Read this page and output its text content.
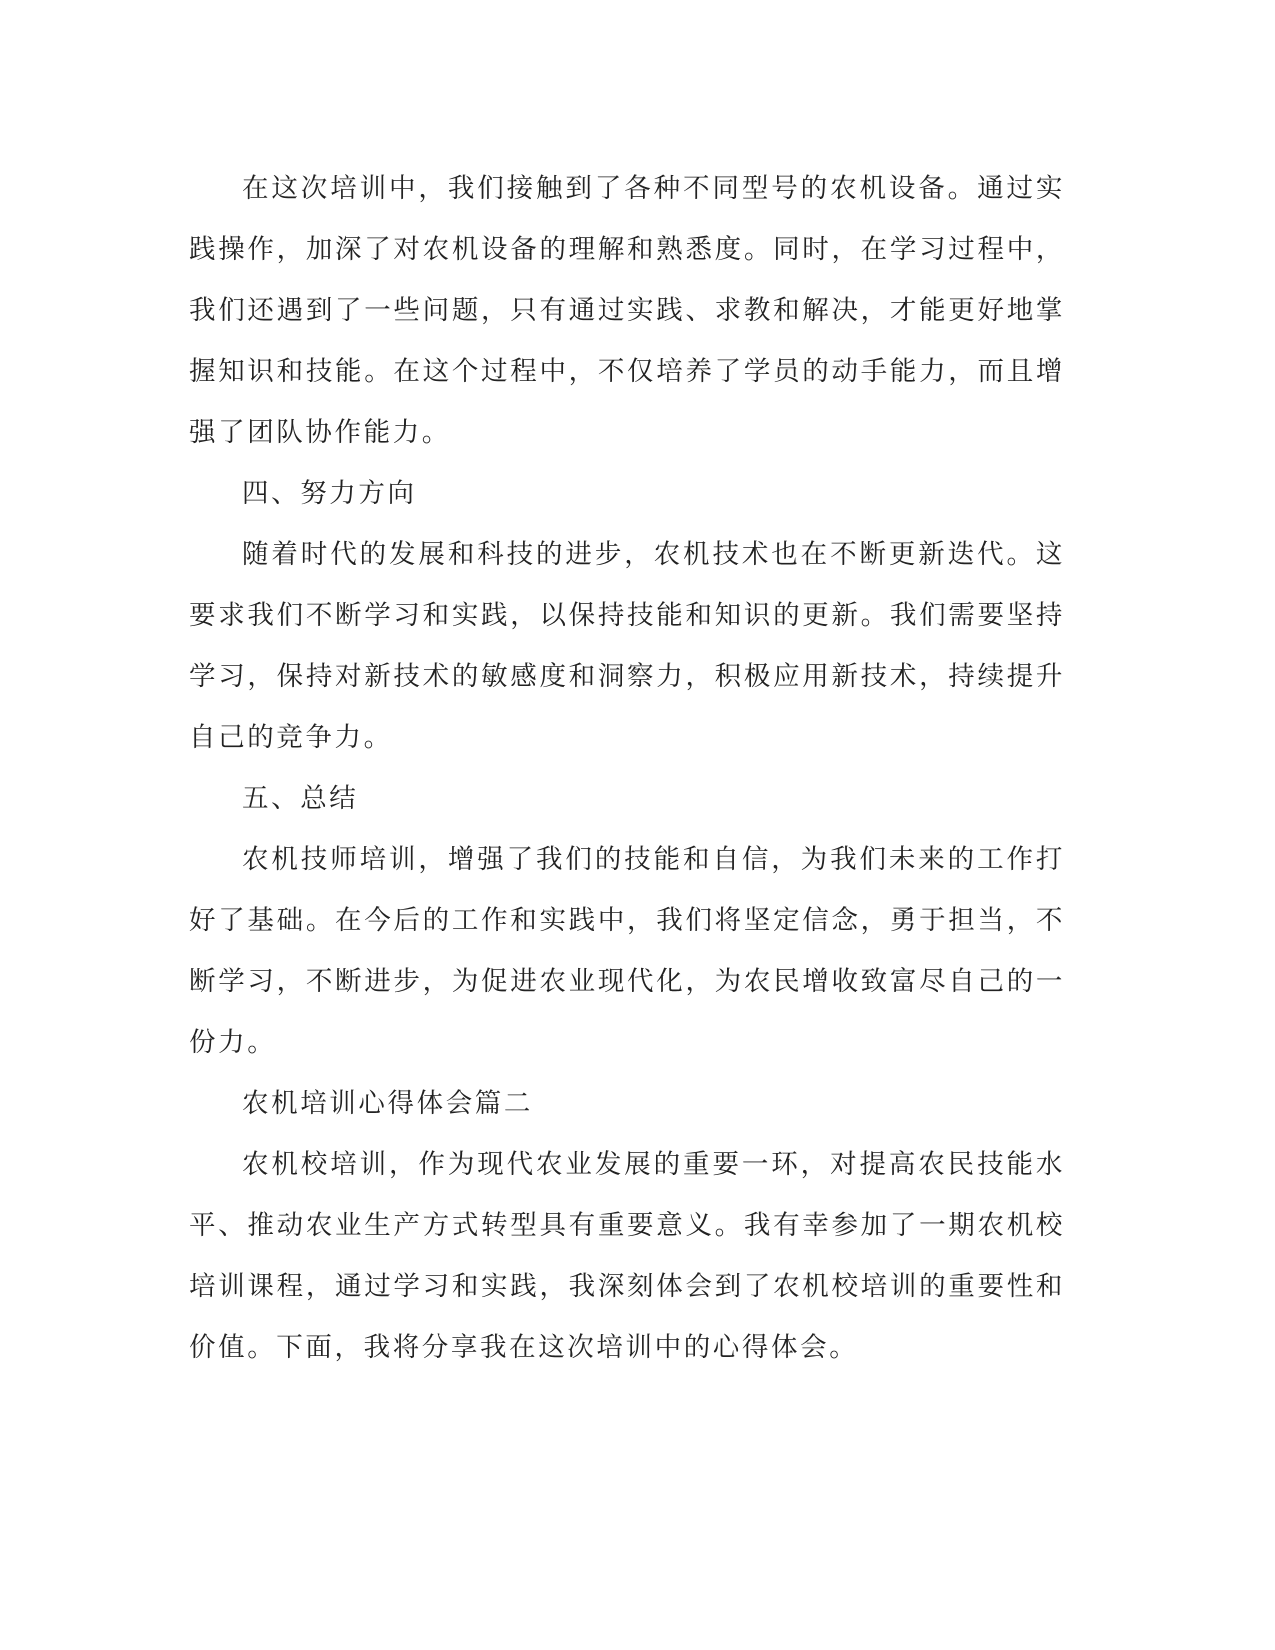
在这次培训中，我们接触到了各种不同型号的农机设备。通过实践操作，加深了对农机设备的理解和熟悉度。同时，在学习过程中，我们还遇到了一些问题，只有通过实践、求教和解决，才能更好地掌握知识和技能。在这个过程中，不仅培养了学员的动手能力，而且增强了团队协作能力。

四、努力方向

随着时代的发展和科技的进步，农机技术也在不断更新迭代。这要求我们不断学习和实践，以保持技能和知识的更新。我们需要坚持学习，保持对新技术的敏感度和洞察力，积极应用新技术，持续提升自己的竞争力。

五、总结

农机技师培训，增强了我们的技能和自信，为我们未来的工作打好了基础。在今后的工作和实践中，我们将坚定信念，勇于担当，不断学习，不断进步，为促进农业现代化，为农民增收致富尽自己的一份力。

农机培训心得体会篇二

农机校培训，作为现代农业发展的重要一环，对提高农民技能水平、推动农业生产方式转型具有重要意义。我有幸参加了一期农机校培训课程，通过学习和实践，我深刻体会到了农机校培训的重要性和价值。下面，我将分享我在这次培训中的心得体会。
